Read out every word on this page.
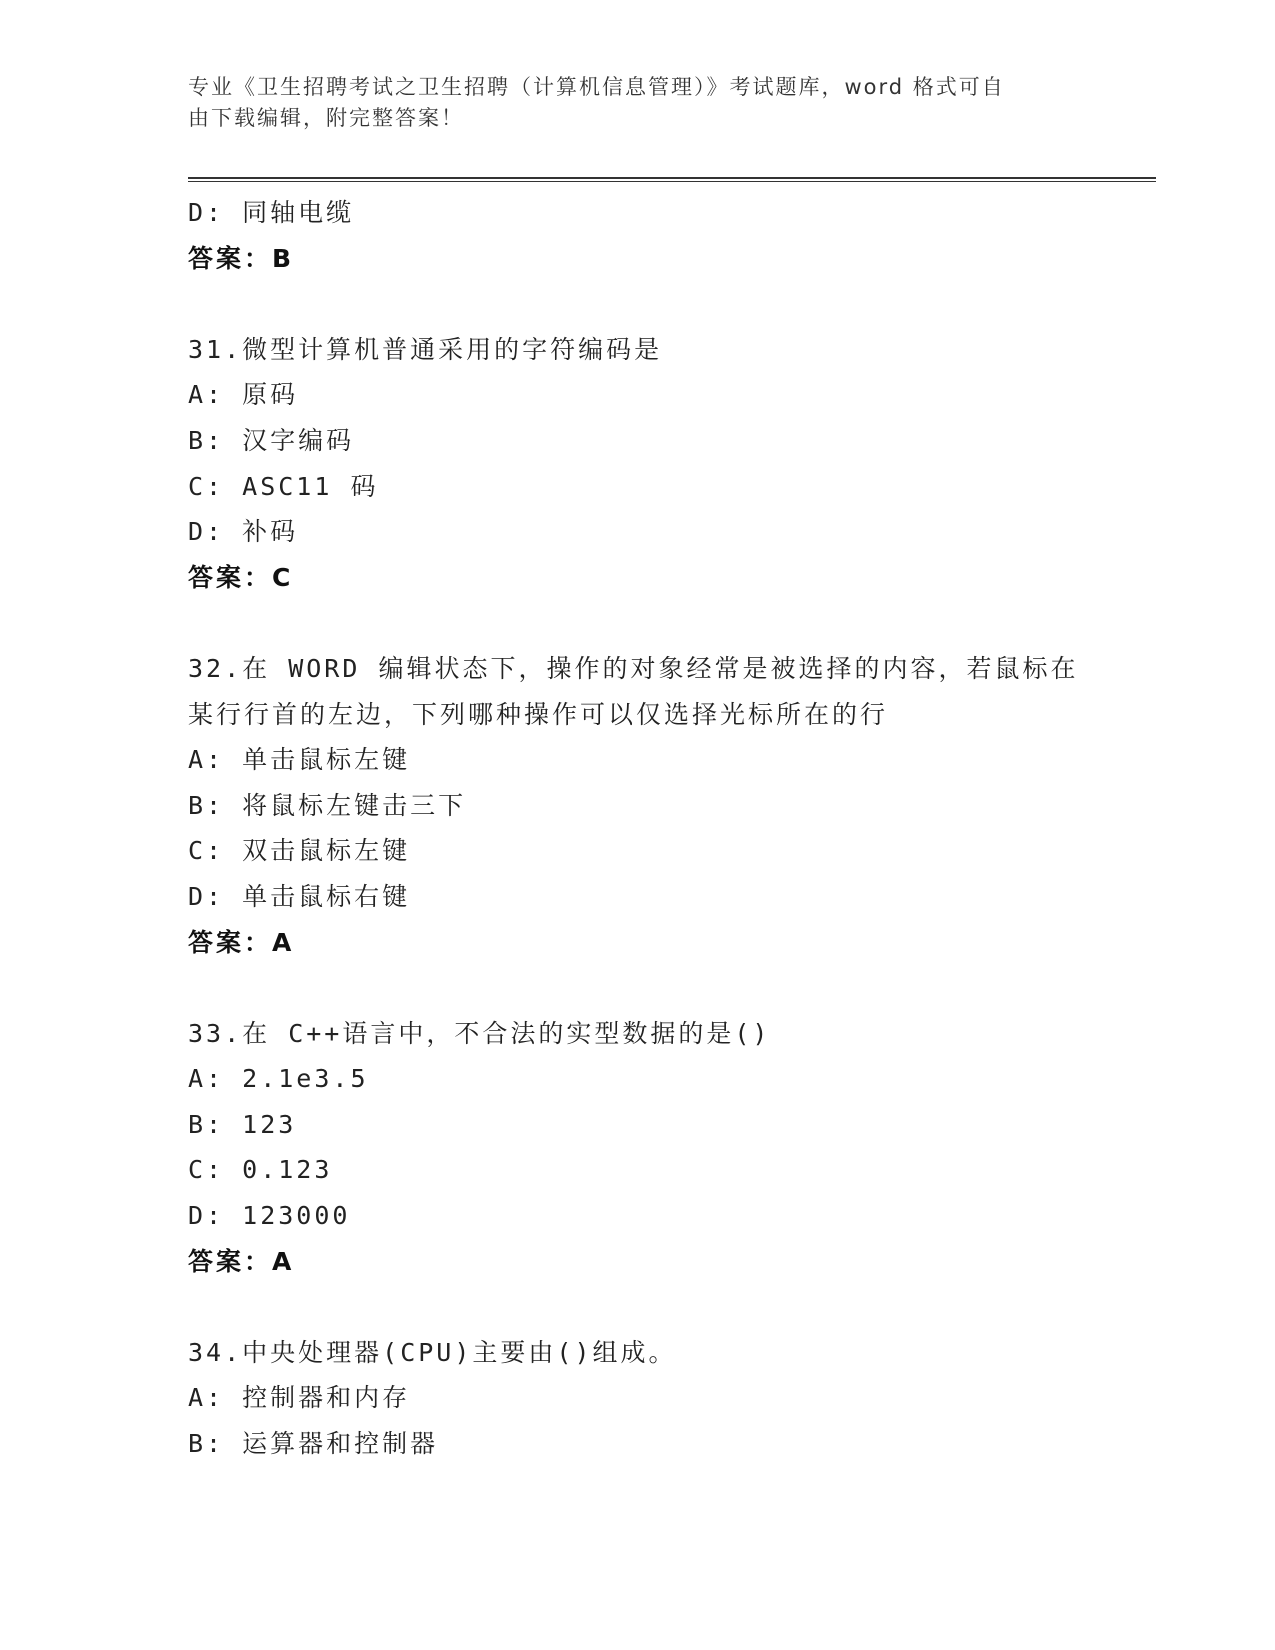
专业《卫生招聘考试之卫生招聘（计算机信息管理）》考试题库，word 格式可自
由下载编辑，附完整答案！
D: 同轴电缆
答案：B
31.微型计算机普通采用的字符编码是
A: 原码
B: 汉字编码
C: ASC11 码
D: 补码
答案：C
32.在 WORD 编辑状态下，操作的对象经常是被选择的内容，若鼠标在
某行行首的左边，下列哪种操作可以仅选择光标所在的行
A: 单击鼠标左键
B: 将鼠标左键击三下
C: 双击鼠标左键
D: 单击鼠标右键
答案：A
33.在 C++语言中，不合法的实型数据的是()
A: 2.1e3.5
B: 123
C: 0.123
D: 123000
答案：A
34.中央处理器(CPU)主要由()组成。
A: 控制器和内存
B: 运算器和控制器
